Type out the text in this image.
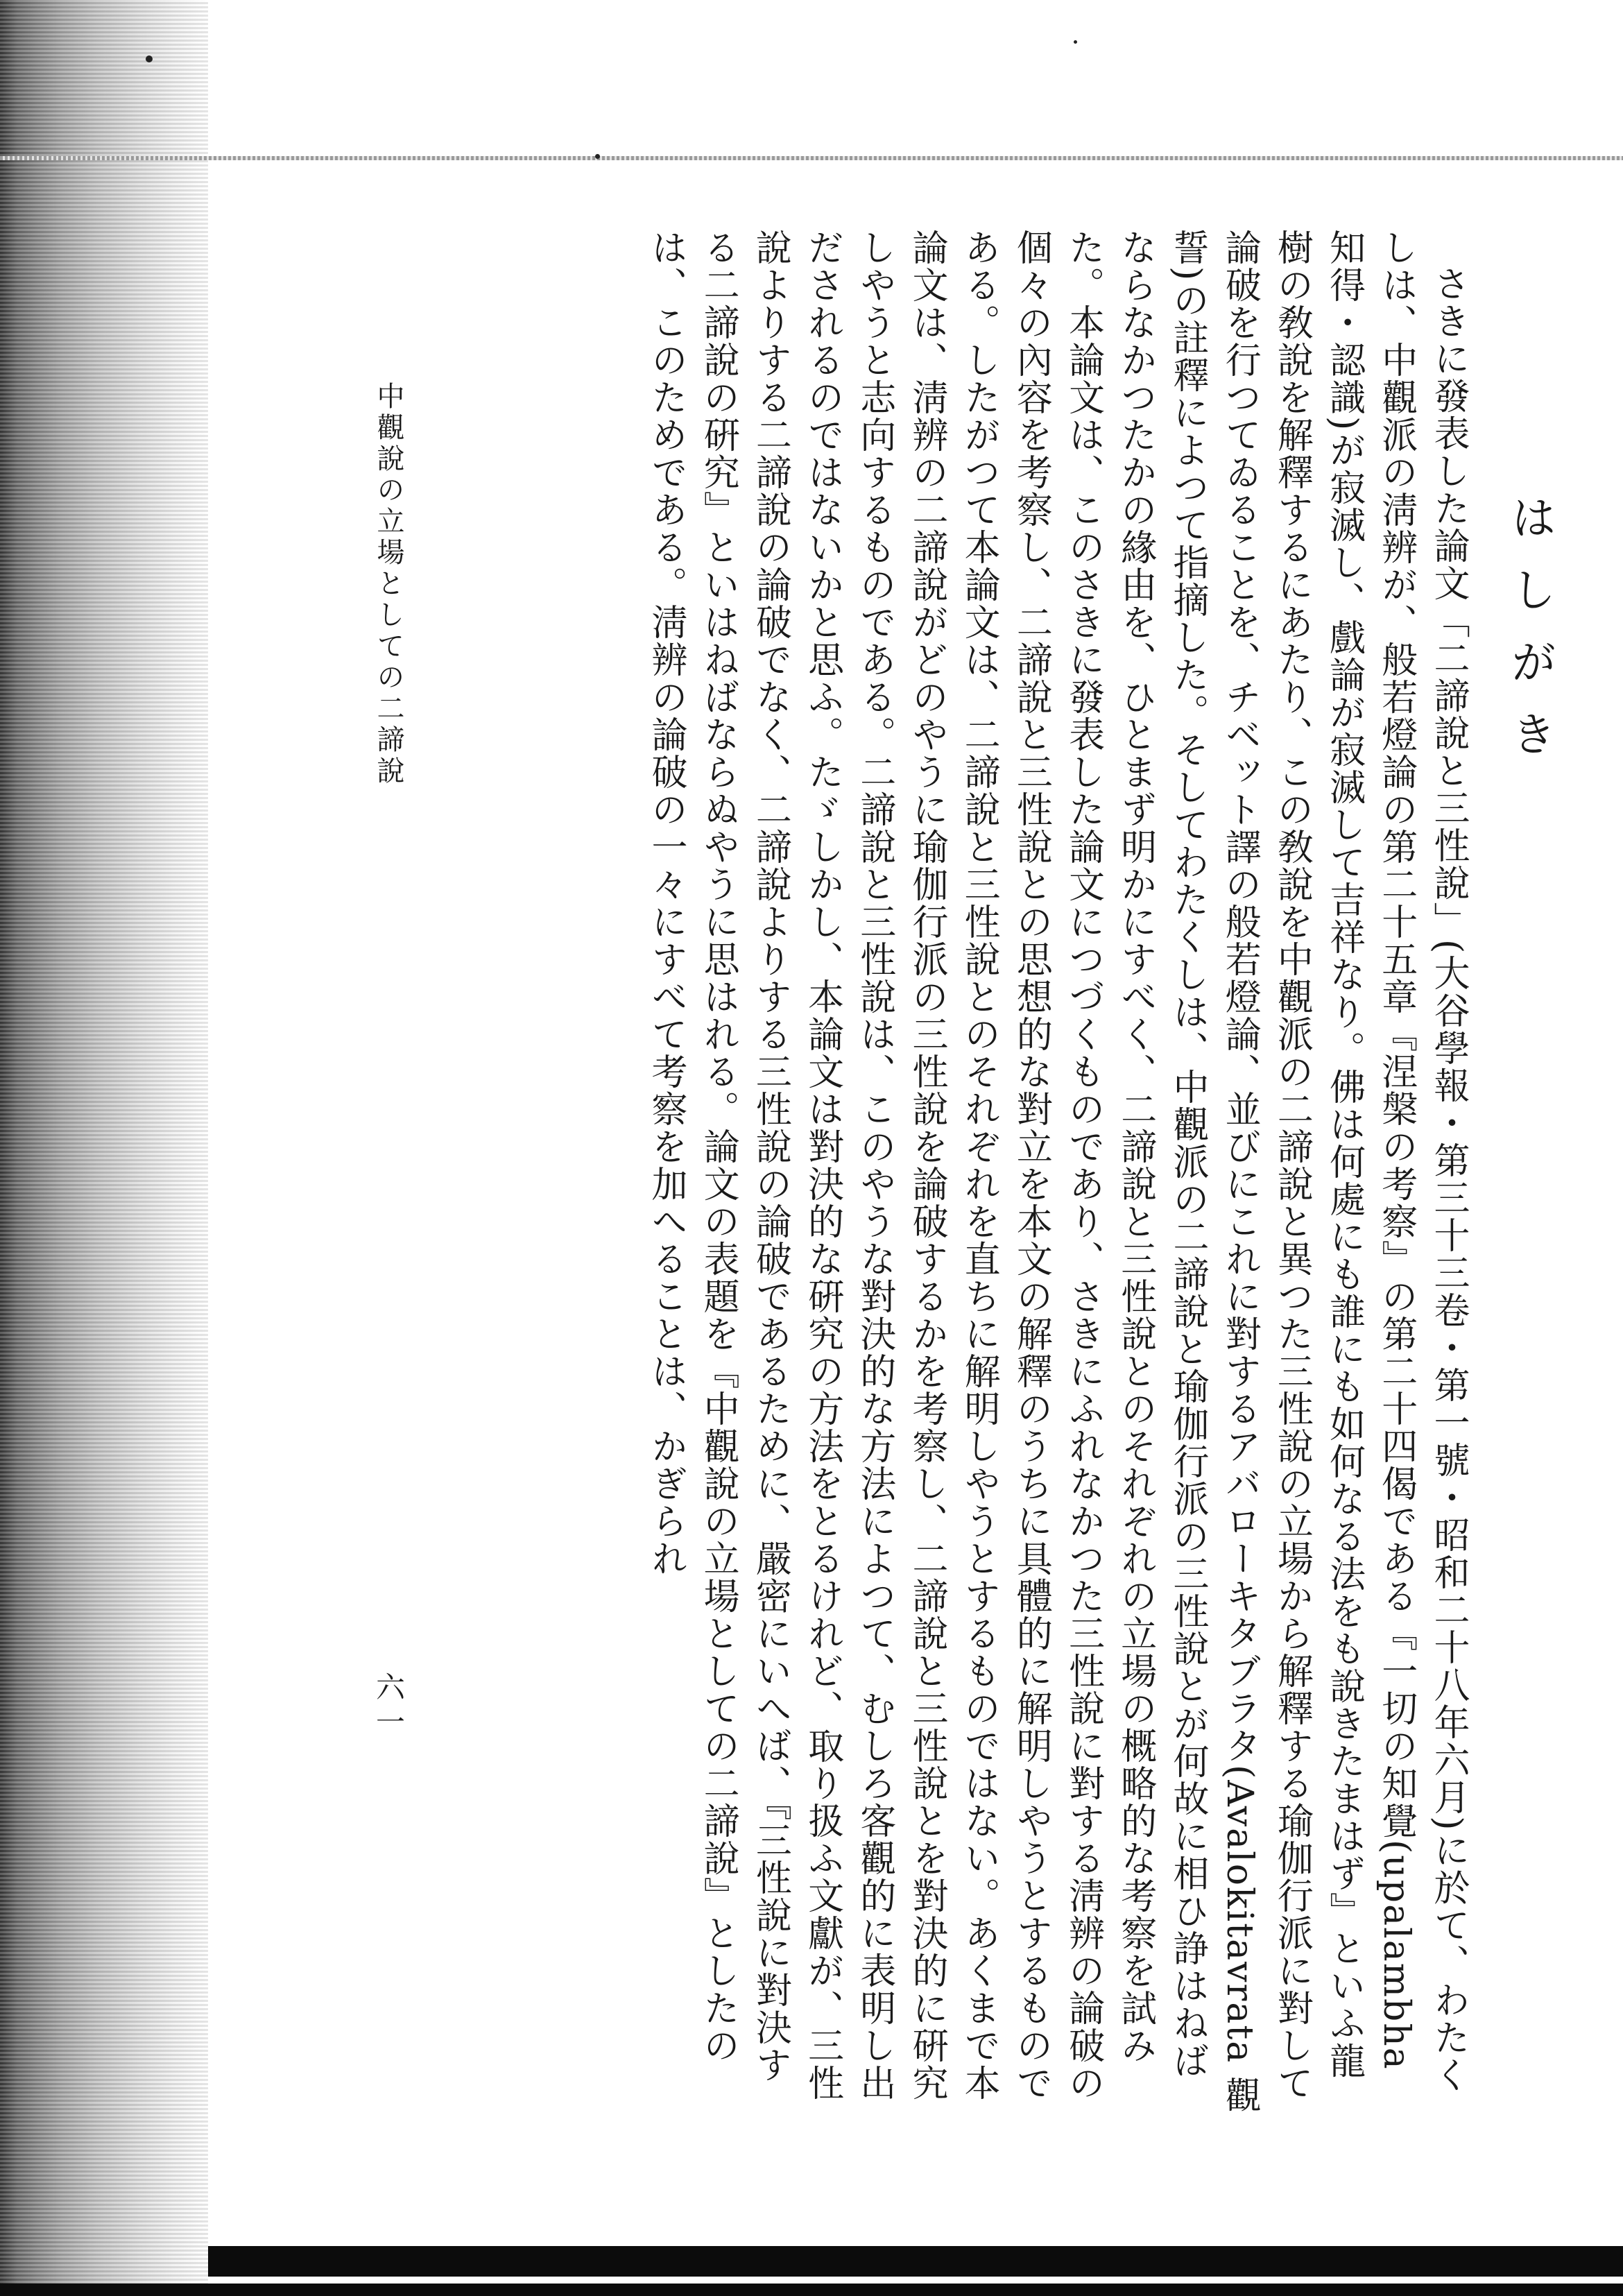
はしがき

さきに發表した論文「二諦說と三性說」(大谷學報・第三十三卷・第一號・昭和二十八年六月)に於て、わたくしは、中觀派の淸辨が、般若燈論の第二十五章『涅槃の考察』の第二十四偈である『一切の知覺(upalambha 知得・認識)が寂滅し、戲論が寂滅して吉祥なり。佛は何處にも誰にも如何なる法をも說きたまはず』といふ龍樹の敎說を解釋するにあたり、この敎說を中觀派の二諦說と異つた三性說の立場から解釋する瑜伽行派に對して論破を行つてゐることを、チベット譯の般若燈論、並びにこれに對するアバローキタブラタ(Avalokitavrata 觀誓)の註釋によつて指摘した。そしてわたくしは、中觀派の二諦說と瑜伽行派の三性說とが何故に相ひ諍はねばならなかつたかの緣由を、ひとまず明かにすべく、二諦說と三性說とのそれぞれの立場の概略的な考察を試みた。本論文は、このさきに發表した論文につづくものであり、さきにふれなかつた三性說に對する淸辨の論破の個々の內容を考察し、二諦說と三性說との思想的な對立を本文の解釋のうちに具體的に解明しやうとするものである。したがつて本論文は、二諦說と三性說とのそれぞれを直ちに解明しやうとするものではない。あくまで本論文は、淸辨の二諦說がどのやうに瑜伽行派の三性說を論破するかを考察し、二諦說と三性說とを對決的に硏究しやうと志向するものである。二諦說と三性說は、このやうな對決的な方法によつて、むしろ客觀的に表明し出だされるのではないかと思ふ。たゞしかし、本論文は對決的な硏究の方法をとるけれど、取り扱ふ文獻が、三性說よりする二諦說の論破でなく、二諦說よりする三性說の論破であるために、嚴密にいへば、『三性說に對決する二諦說の硏究』といはねばならぬやうに思はれる。論文の表題を『中觀說の立場としての二諦說』としたのは、このためである。淸辨の論破の一々にすべて考察を加へることは、かぎられ

中觀說の立場としての二諦說
六一
